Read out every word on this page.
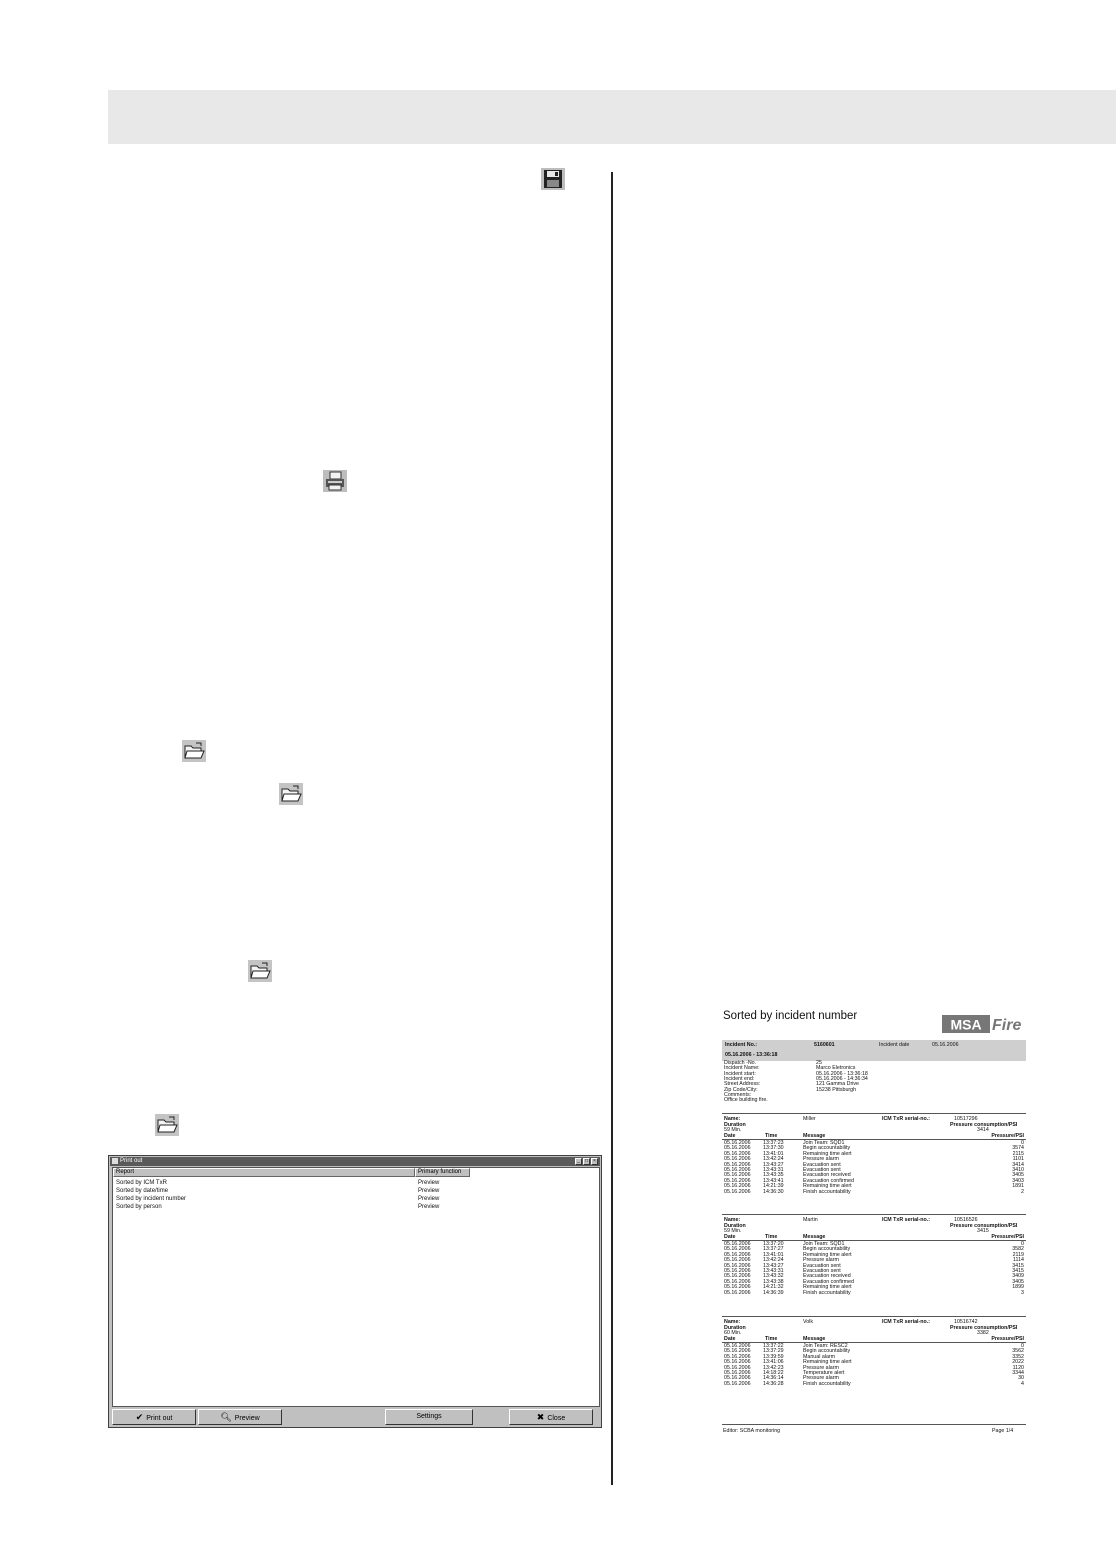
Print out	_	□	×
Report	Primary function
Sorted by ICM TxR	Preview
Sorted by date/time	Preview
Sorted by incident number	Preview
Sorted by person	Preview
✔ Print out	🔍︎ Preview	Settings	✖ Close
Sorted by incident number
MSA Fire
Incident No.:	5160601	Incident date	05.16.2006
05.16.2006 - 13:36:18
Dispatch -No.	25
Incident Name:	Marco Eletronics
Incident start:	05.16.2006 - 13:36:18
Incident end:	05.16.2006 - 14:36:34
Street Address:	121 Gamma Drive
Zip Code/City:	15238 Pittsburgh
Comments:
Office building fire.
Name:	Miller	ICM TxR serial-no.:	10517296
Duration	Pressure consumption/PSI
59 Min.	3414
Date	Time	Message	Pressure/PSI
05.16.2006 13:37:23	Join Team: SQD1	0
05.16.2006 13:37:30	Begin accountability	3574
05.16.2006 13:41:01	Remaining time alert	2115
05.16.2006 13:42:24	Pressure alarm	1101
05.16.2006 13:43:27	Evacuation sent	3414
05.16.2006 13:43:31	Evacuation sent	3410
05.16.2006 13:43:35	Evacuation received	3405
05.16.2006 13:43:41	Evacuation confirmed	3403
05.16.2006 14:21:39	Remaining time alert	1891
05.16.2006 14:36:30	Finish accountability	2
Name:	Martin	ICM TxR serial-no.:	10516526
Duration	Pressure consumption/PSI
59 Min.	3415
Date	Time	Message	Pressure/PSI
05.16.2006 13:37:20	Join Team: SQD1	0
05.16.2006 13:37:27	Begin accountability	3582
05.16.2006 13:41:01	Remaining time alert	2119
05.16.2006 13:42:24	Pressure alarm	1114
05.16.2006 13:43:27	Evacuation sent	3415
05.16.2006 13:43:31	Evacuation sent	3415
05.16.2006 13:43:32	Evacuation received	3409
05.16.2006 13:43:38	Evacuation confirmed	3405
05.16.2006 14:21:32	Remaining time alert	1899
05.16.2006 14:36:39	Finish accountability	3
Name:	Volk	ICM TxR serial-no.:	10516742
Duration	Pressure consumption/PSI
60 Min.	3382
Date	Time	Message	Pressure/PSI
05.16.2006 13:37:22	Join Team: RESC2	0
05.16.2006 13:37:29	Begin accountability	3562
05.16.2006 13:39:59	Manual alarm	3352
05.16.2006 13:41:06	Remaining time alert	2022
05.16.2006 13:42:23	Pressure alarm	1120
05.16.2006 14:18:22	Temperature alert	3344
05.16.2006 14:36:14	Pressure alarm	30
05.16.2006 14:36:28	Finish accountability	4
Editor: SCBA monitoring	Page 1/4
